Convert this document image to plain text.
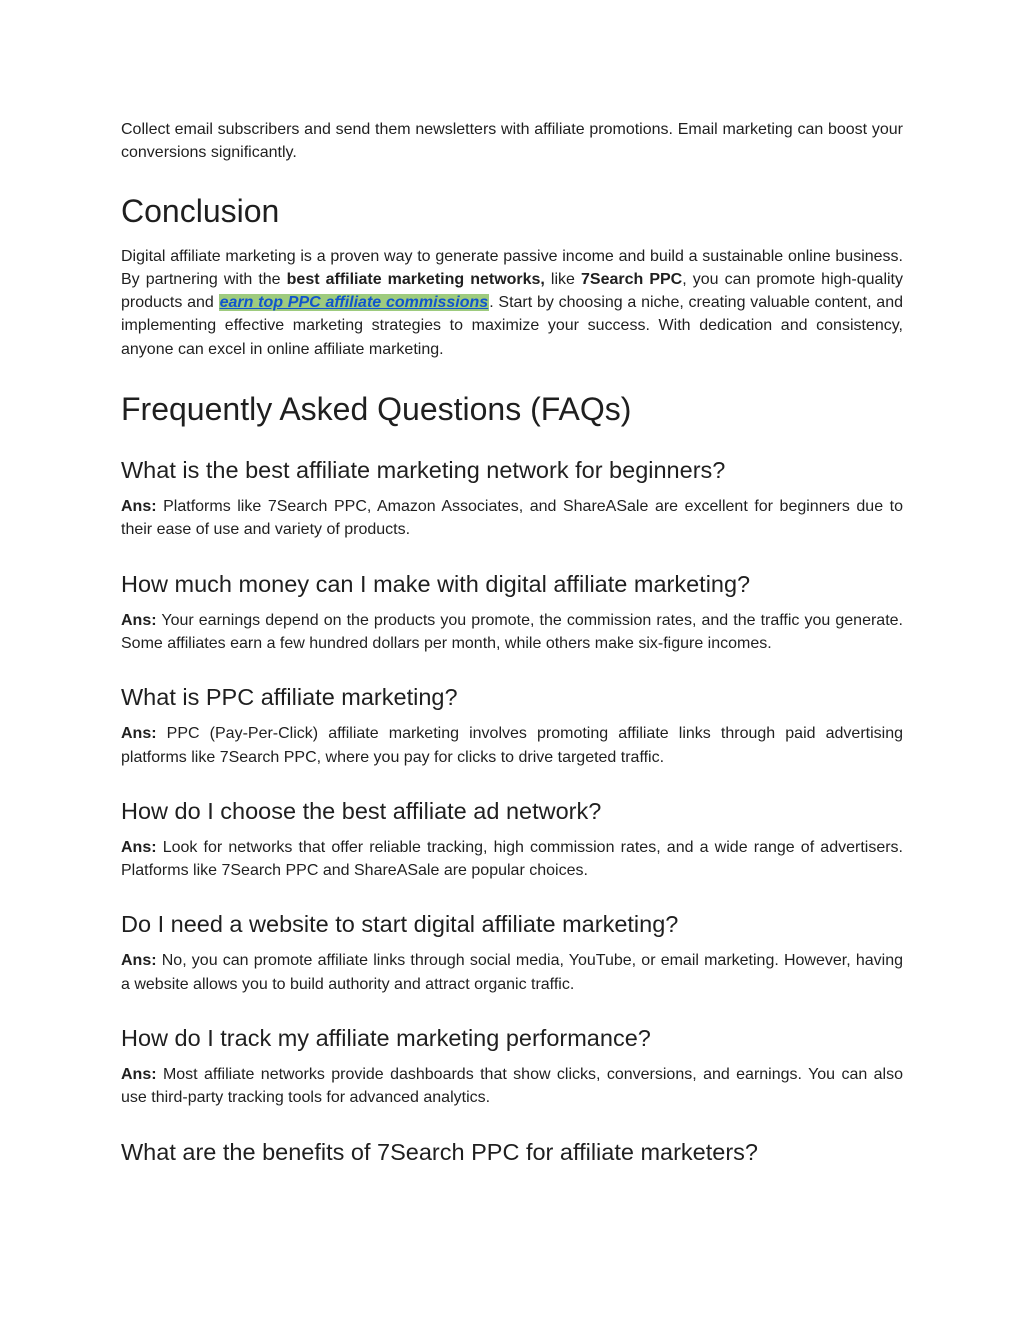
Collect email subscribers and send them newsletters with affiliate promotions. Email marketing can boost your conversions significantly.

Conclusion

Digital affiliate marketing is a proven way to generate passive income and build a sustainable online business. By partnering with the best affiliate marketing networks, like 7Search PPC, you can promote high-quality products and earn top PPC affiliate commissions. Start by choosing a niche, creating valuable content, and implementing effective marketing strategies to maximize your success. With dedication and consistency, anyone can excel in online affiliate marketing.

Frequently Asked Questions (FAQs)
What is the best affiliate marketing network for beginners?

Ans: Platforms like 7Search PPC, Amazon Associates, and ShareASale are excellent for beginners due to their ease of use and variety of products.

How much money can I make with digital affiliate marketing?

Ans: Your earnings depend on the products you promote, the commission rates, and the traffic you generate. Some affiliates earn a few hundred dollars per month, while others make six-figure incomes.

What is PPC affiliate marketing?

Ans: PPC (Pay-Per-Click) affiliate marketing involves promoting affiliate links through paid advertising platforms like 7Search PPC, where you pay for clicks to drive targeted traffic.

How do I choose the best affiliate ad network?

Ans: Look for networks that offer reliable tracking, high commission rates, and a wide range of advertisers. Platforms like 7Search PPC and ShareASale are popular choices.

Do I need a website to start digital affiliate marketing?

Ans: No, you can promote affiliate links through social media, YouTube, or email marketing. However, having a website allows you to build authority and attract organic traffic.

How do I track my affiliate marketing performance?

Ans: Most affiliate networks provide dashboards that show clicks, conversions, and earnings. You can also use third-party tracking tools for advanced analytics.

What are the benefits of 7Search PPC for affiliate marketers?
